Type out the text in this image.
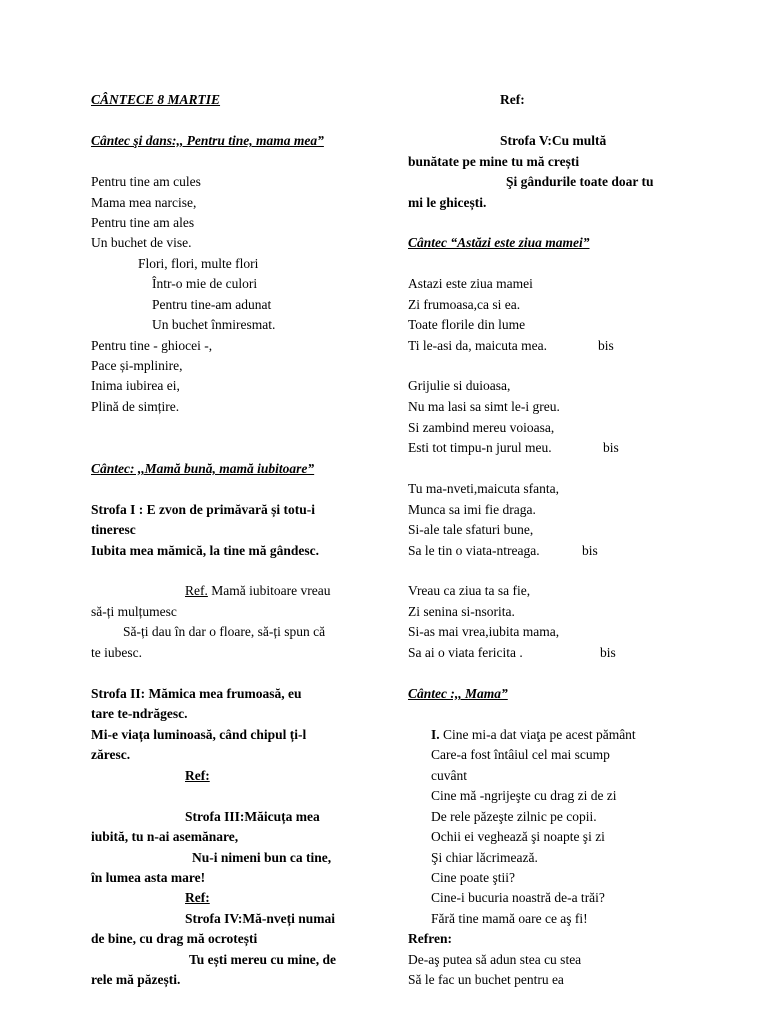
CÂNTECE 8 MARTIE
Cântec şi dans:,, Pentru tine, mama mea”
Pentru tine am cules
Mama mea narcise,
Pentru tine am ales
Un buchet de vise.
Flori, flori, multe flori
Într-o mie de culori
Pentru tine-am adunat
Un buchet înmiresmat.
Pentru tine - ghiocei -,
Pace și-mplinire,
Inima iubirea ei,
Plină de simțire.
Cântec: ,,Mamă bună, mamă iubitoare”
Strofa I : E zvon de primăvară și totu-i
tineresc
Iubita mea mămică, la tine mă gândesc.
Ref. Mamă iubitoare vreau
să-ți mulțumesc
Să-ți dau în dar o floare, să-ți spun că
te iubesc.
Strofa II: Mămica mea frumoasă, eu
tare te-ndrăgesc.
Mi-e viața luminoasă, când chipul ți-l
zăresc.
Ref:
Strofa III:Măicuța mea
iubită, tu n-ai asemănare,
Nu-i nimeni bun ca tine,
în lumea asta mare!
Ref:
Strofa IV:Mă-nveți numai
de bine, cu drag mă ocrotești
Tu ești mereu cu mine, de
rele mă păzești.
Ref:
Strofa V:Cu multă
bunătate pe mine tu mă crești
Şi gândurile toate doar tu
mi le ghicești.
Cântec “Astăzi este ziua mamei”
Astazi este ziua mamei
Zi frumoasa,ca si ea.
Toate florile din lume
Ti le-asi da, maicuta mea.	bis
Grijulie si duioasa,
Nu ma lasi sa simt le-i greu.
Si zambind mereu voioasa,
Esti tot timpu-n jurul meu.	bis
Tu ma-nveti,maicuta sfanta,
Munca sa imi fie draga.
Si-ale tale sfaturi bune,
Sa le tin o viata-ntreaga.	bis
Vreau ca ziua ta sa fie,
Zi senina si-nsorita.
Si-as mai vrea,iubita mama,
Sa ai o viata fericita .	bis
Cântec :,, Mama”
I. Cine mi-a dat viaţa pe acest pământ
Care-a fost întâiul cel mai scump
cuvânt
Cine mă -ngrijeşte cu drag zi de zi
De rele păzeşte zilnic pe copii.
Ochii ei veghează şi noapte şi zi
Şi chiar lăcrimează.
Cine poate ştii?
Cine-i bucuria noastră de-a trăi?
Fără tine mamă oare ce aş fi!
Refren:
De-aş putea să adun stea cu stea
Să le fac un buchet pentru ea
